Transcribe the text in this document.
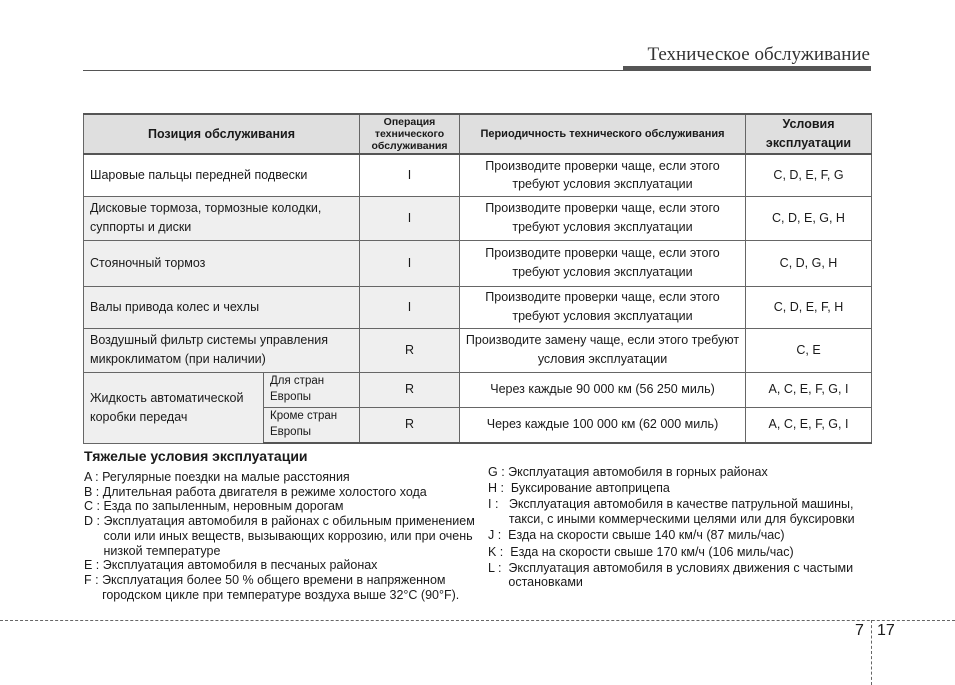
Техническое обслуживание
Позиция обслуживания		Операция технического обслуживания	Периодичность технического обслуживания	Условия эксплуатации
Шаровые пальцы передней подвески		I	Производите проверки чаще, если этого требуют условия эксплуатации	C, D, E, F, G
Дисковые тормоза, тормозные колодки, суппорты и диски		I	Производите проверки чаще, если этого требуют условия эксплуатации	C, D, E, G, H
Стояночный тормоз		I	Производите проверки чаще, если этого требуют условия эксплуатации	C, D, G, H
Валы привода колес и чехлы		I	Производите проверки чаще, если этого требуют условия эксплуатации	C, D, E, F, H
Воздушный фильтр системы управления микроклиматом (при наличии)		R	Производите замену чаще, если этого требуют условия эксплуатации	C, E
Жидкость автоматической коробки передач	Для стран Европы	R	Через каждые 90 000 км (56 250 миль)	A, C, E, F, G, I
	Кроме стран Европы	R	Через каждые 100 000 км (62 000 миль)	A, C, E, F, G, I
Тяжелые условия эксплуатации
A : Регулярные поездки на малые расстояния
B : Длительная работа двигателя в режиме холостого хода
C : Езда по запыленным, неровным дорогам
D : Эксплуатация автомобиля в районах с обильным применением соли или иных веществ, вызывающих коррозию, или при очень низкой температуре
E : Эксплуатация автомобиля в песчаных районах
F : Эксплуатация более 50 % общего времени в напряженном городском цикле при температуре воздуха выше 32°C (90°F).
G : Эксплуатация автомобиля в горных районах
H : Буксирование автоприцепа
I : Эксплуатация автомобиля в качестве патрульной машины, такси, с иными коммерческими целями или для буксировки
J : Езда на скорости свыше 140 км/ч (87 миль/час)
K : Езда на скорости свыше 170 км/ч (106 миль/час)
L : Эксплуатация автомобиля в условиях движения с частыми остановками
7 17
